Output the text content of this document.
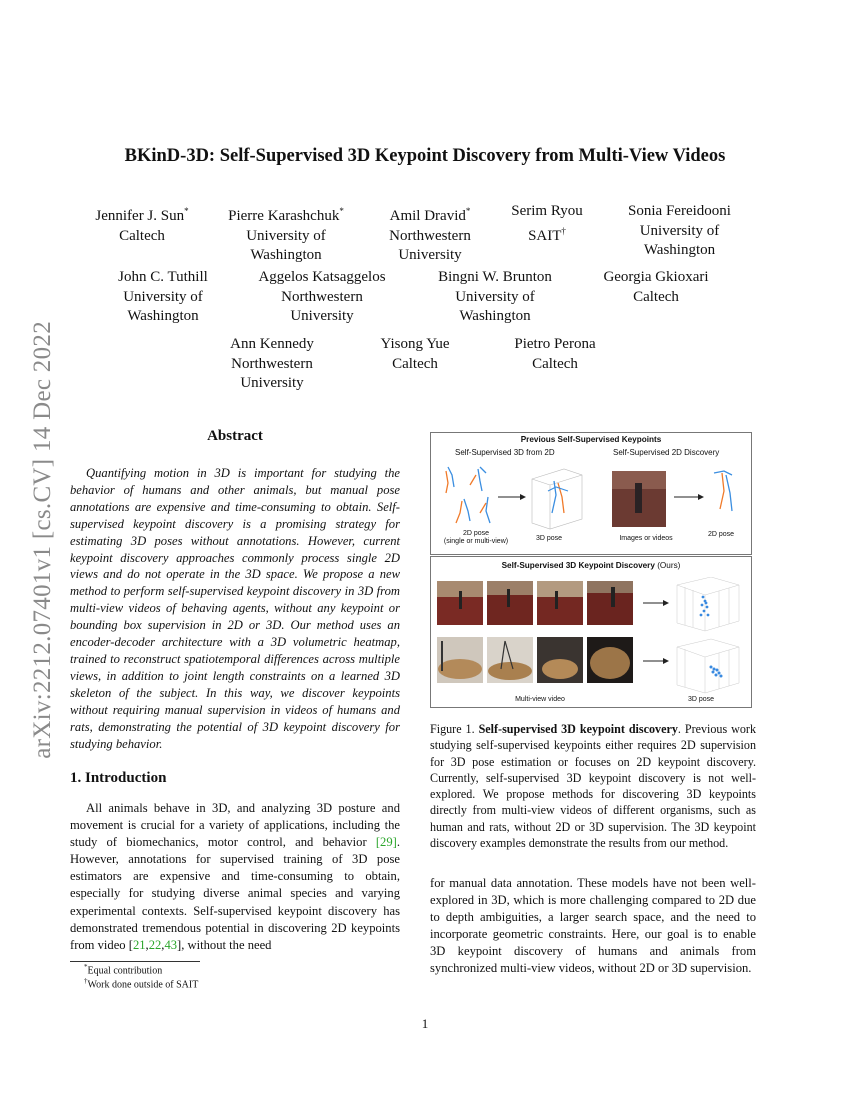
arXiv:2212.07401v1 [cs.CV] 14 Dec 2022
BKinD-3D: Self-Supervised 3D Keypoint Discovery from Multi-View Videos
Jennifer J. Sun*
Caltech
Pierre Karashchuk*
University of
Washington
Amil Dravid*
Northwestern
University
Serim Ryou
SAIT†
Sonia Fereidooni
University of
Washington
John C. Tuthill
University of
Washington
Aggelos Katsaggelos
Northwestern
University
Bingni W. Brunton
University of
Washington
Georgia Gkioxari
Caltech
Ann Kennedy
Northwestern
University
Yisong Yue
Caltech
Pietro Perona
Caltech
Abstract
Quantifying motion in 3D is important for studying the behavior of humans and other animals, but manual pose annotations are expensive and time-consuming to obtain. Self-supervised keypoint discovery is a promising strategy for estimating 3D poses without annotations. However, current keypoint discovery approaches commonly process single 2D views and do not operate in the 3D space. We propose a new method to perform self-supervised keypoint discovery in 3D from multi-view videos of behaving agents, without any keypoint or bounding box supervision in 2D or 3D. Our method uses an encoder-decoder architecture with a 3D volumetric heatmap, trained to reconstruct spatiotemporal differences across multiple views, in addition to joint length constraints on a learned 3D skeleton of the subject. In this way, we discover keypoints without requiring manual supervision in videos of humans and rats, demonstrating the potential of 3D keypoint discovery for studying behavior.
1. Introduction
All animals behave in 3D, and analyzing 3D posture and movement is crucial for a variety of applications, including the study of biomechanics, motor control, and behavior [29]. However, annotations for supervised training of 3D pose estimators are expensive and time-consuming to obtain, especially for studying diverse animal species and varying experimental contexts. Self-supervised keypoint discovery has demonstrated tremendous potential in discovering 2D keypoints from video [21,22,43], without the need
*Equal contribution
†Work done outside of SAIT
Previous Self-Supervised Keypoints
Self-Supervised 3D from 2D	Self-Supervised 2D Discovery
2D pose
(single or multi-view)	3D pose	Images or videos
2D pose
Self-Supervised 3D Keypoint Discovery (Ours)
Multi-view video	3D pose
Figure 1. Self-supervised 3D keypoint discovery. Previous work studying self-supervised keypoints either requires 2D supervision for 3D pose estimation or focuses on 2D keypoint discovery. Currently, self-supervised 3D keypoint discovery is not well-explored. We propose methods for discovering 3D keypoints directly from multi-view videos of different organisms, such as human and rats, without 2D or 3D supervision. The 3D keypoint discovery examples demonstrate the results from our method.
for manual data annotation. These models have not been well-explored in 3D, which is more challenging compared to 2D due to depth ambiguities, a larger search space, and the need to incorporate geometric constraints. Here, our goal is to enable 3D keypoint discovery of humans and animals from synchronized multi-view videos, without 2D or 3D supervision.
1
